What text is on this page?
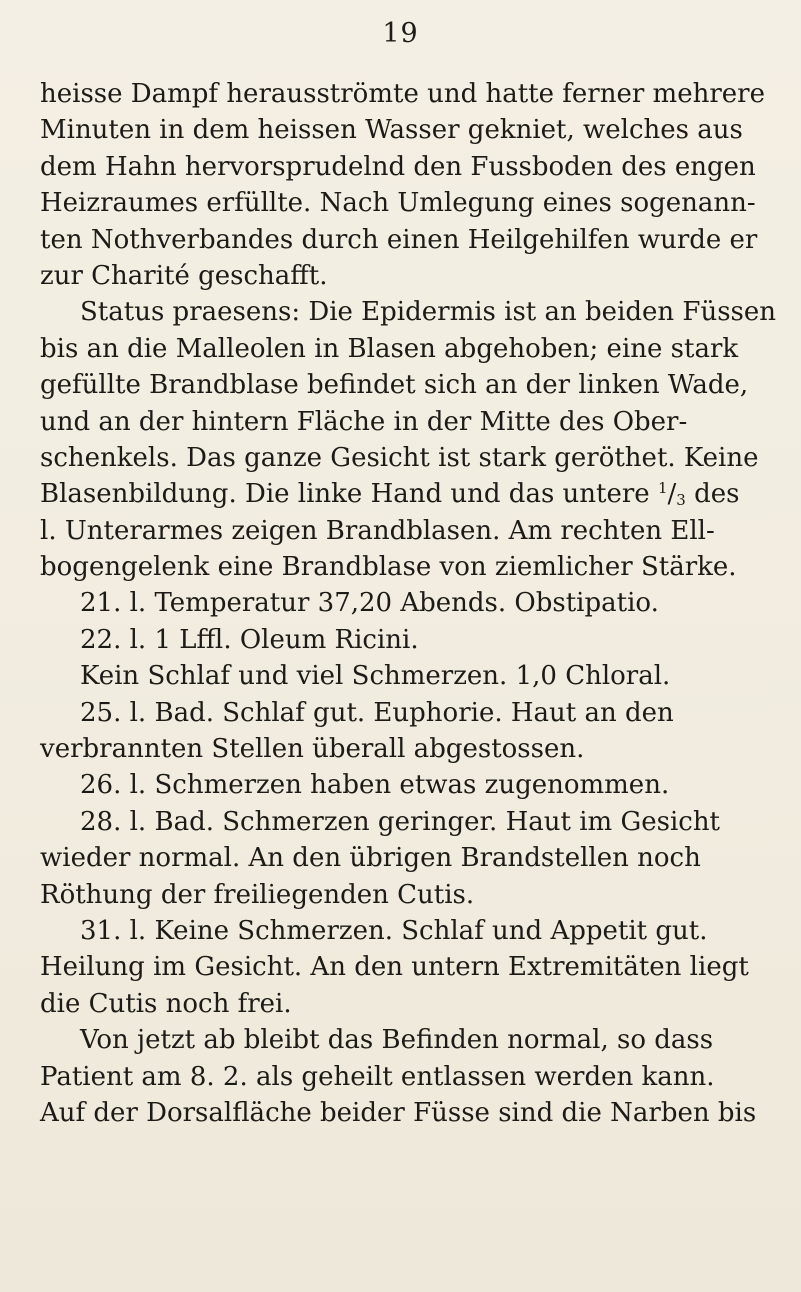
19
heisse Dampf herausströmte und hatte ferner mehrere
Minuten in dem heissen Wasser gekniet, welches aus
dem Hahn hervorsprudelnd den Fussboden des engen
Heizraumes erfüllte. Nach Umlegung eines sogenann-
ten Nothverbandes durch einen Heilgehilfen wurde er
zur Charité geschafft.
Status praesens: Die Epidermis ist an beiden Füssen
bis an die Malleolen in Blasen abgehoben; eine stark
gefüllte Brandblase befindet sich an der linken Wade,
und an der hintern Fläche in der Mitte des Ober-
schenkels. Das ganze Gesicht ist stark geröthet. Keine
Blasenbildung. Die linke Hand und das untere $^1/_3$ des
l. Unterarmes zeigen Brandblasen. Am rechten Ell-
bogengelenk eine Brandblase von ziemlicher Stärke.
21. l. Temperatur 37,20 Abends. Obstipatio.
22. l. 1 Lffl. Oleum Ricini.
Kein Schlaf und viel Schmerzen. 1,0 Chloral.
25. l. Bad. Schlaf gut. Euphorie. Haut an den
verbrannten Stellen überall abgestossen.
26. l. Schmerzen haben etwas zugenommen.
28. l. Bad. Schmerzen geringer. Haut im Gesicht
wieder normal. An den übrigen Brandstellen noch
Röthung der freiliegenden Cutis.
31. l. Keine Schmerzen. Schlaf und Appetit gut.
Heilung im Gesicht. An den untern Extremitäten liegt
die Cutis noch frei.
Von jetzt ab bleibt das Befinden normal, so dass
Patient am 8. 2. als geheilt entlassen werden kann.
Auf der Dorsalfläche beider Füsse sind die Narben bis
